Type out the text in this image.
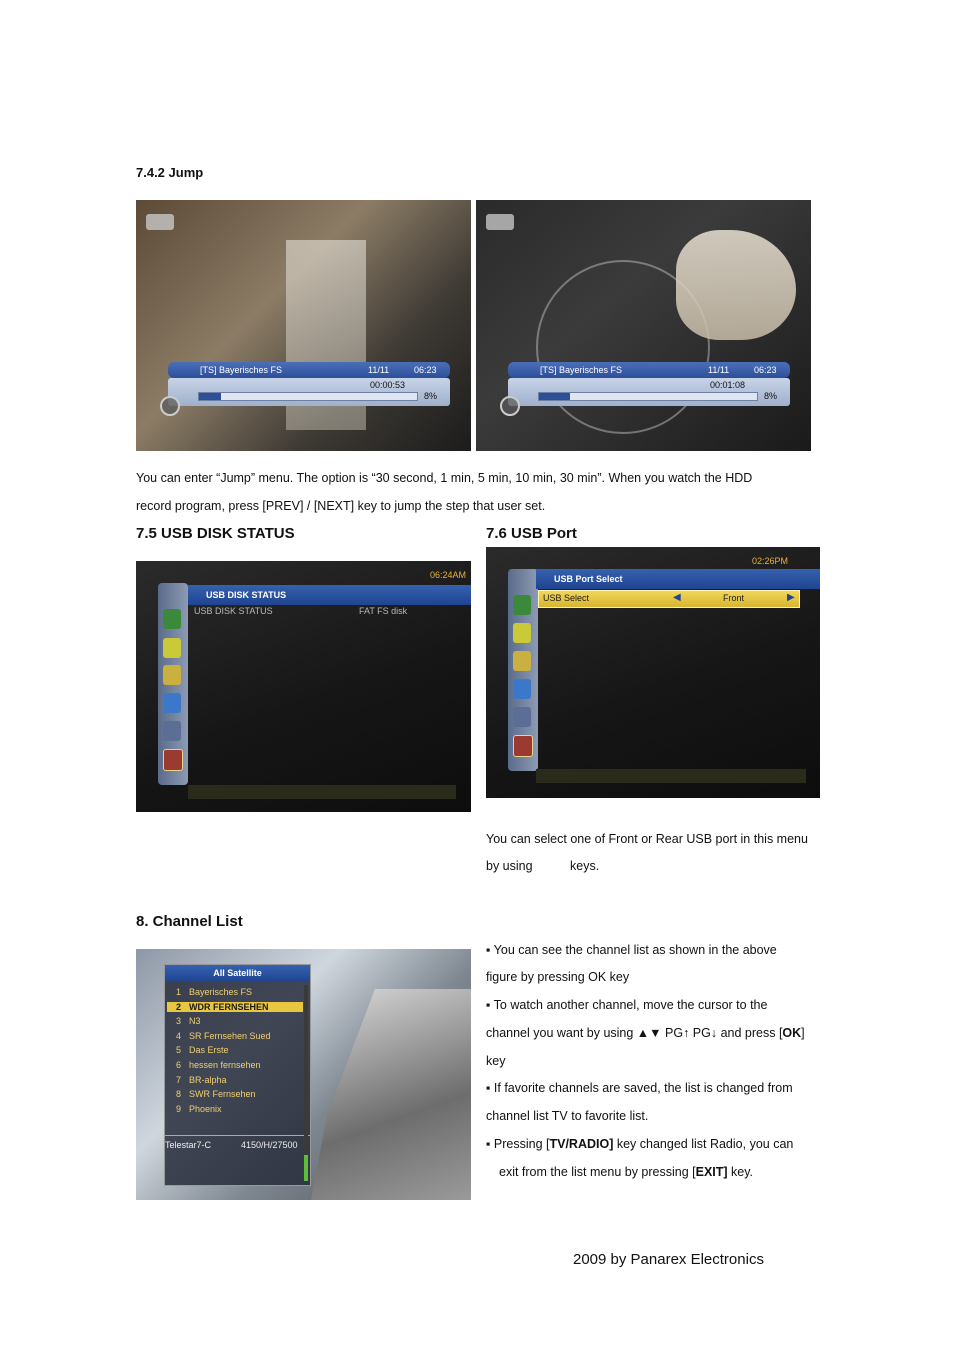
7.4.2 Jump
[TS] Bayerisches FS	11/11	06:23
00:00:53
8%
[TS] Bayerisches FS	11/11	06:23
00:01:08
8%
You can enter “Jump” menu. The option is “30 second, 1 min, 5 min, 10 min, 30 min”. When you watch the HDD
record program, press [PREV] / [NEXT] key to jump the step that user set.
7.5 USB DISK STATUS
06:24AM
USB DISK STATUS
USB DISK STATUS	FAT FS disk
7.6 USB Port
02:26PM
USB Port Select
USB Select	◀	Front	▶
You can select one of Front or Rear USB port in this menu
by using	keys.
8. Channel List
All Satellite
1 Bayerisches FS
2 WDR FERNSEHEN
3 N3
4 SR Fernsehen Sued
5 Das Erste
6 hessen fernsehen
7 BR-alpha
8 SWR Fernsehen
9 Phoenix
Telestar7-C	4150/H/27500
▪ You can see the channel list as shown in the above
figure by pressing OK key
▪ To watch another channel, move the cursor to the
channel you want by using ▲▼ PG↑ PG↓ and press [OK]
key
▪ If favorite channels are saved, the list is changed from
channel list TV to favorite list.
▪ Pressing [TV/RADIO] key changed list Radio, you can
exit from the list menu by pressing [EXIT] key.
2009 by Panarex Electronics
